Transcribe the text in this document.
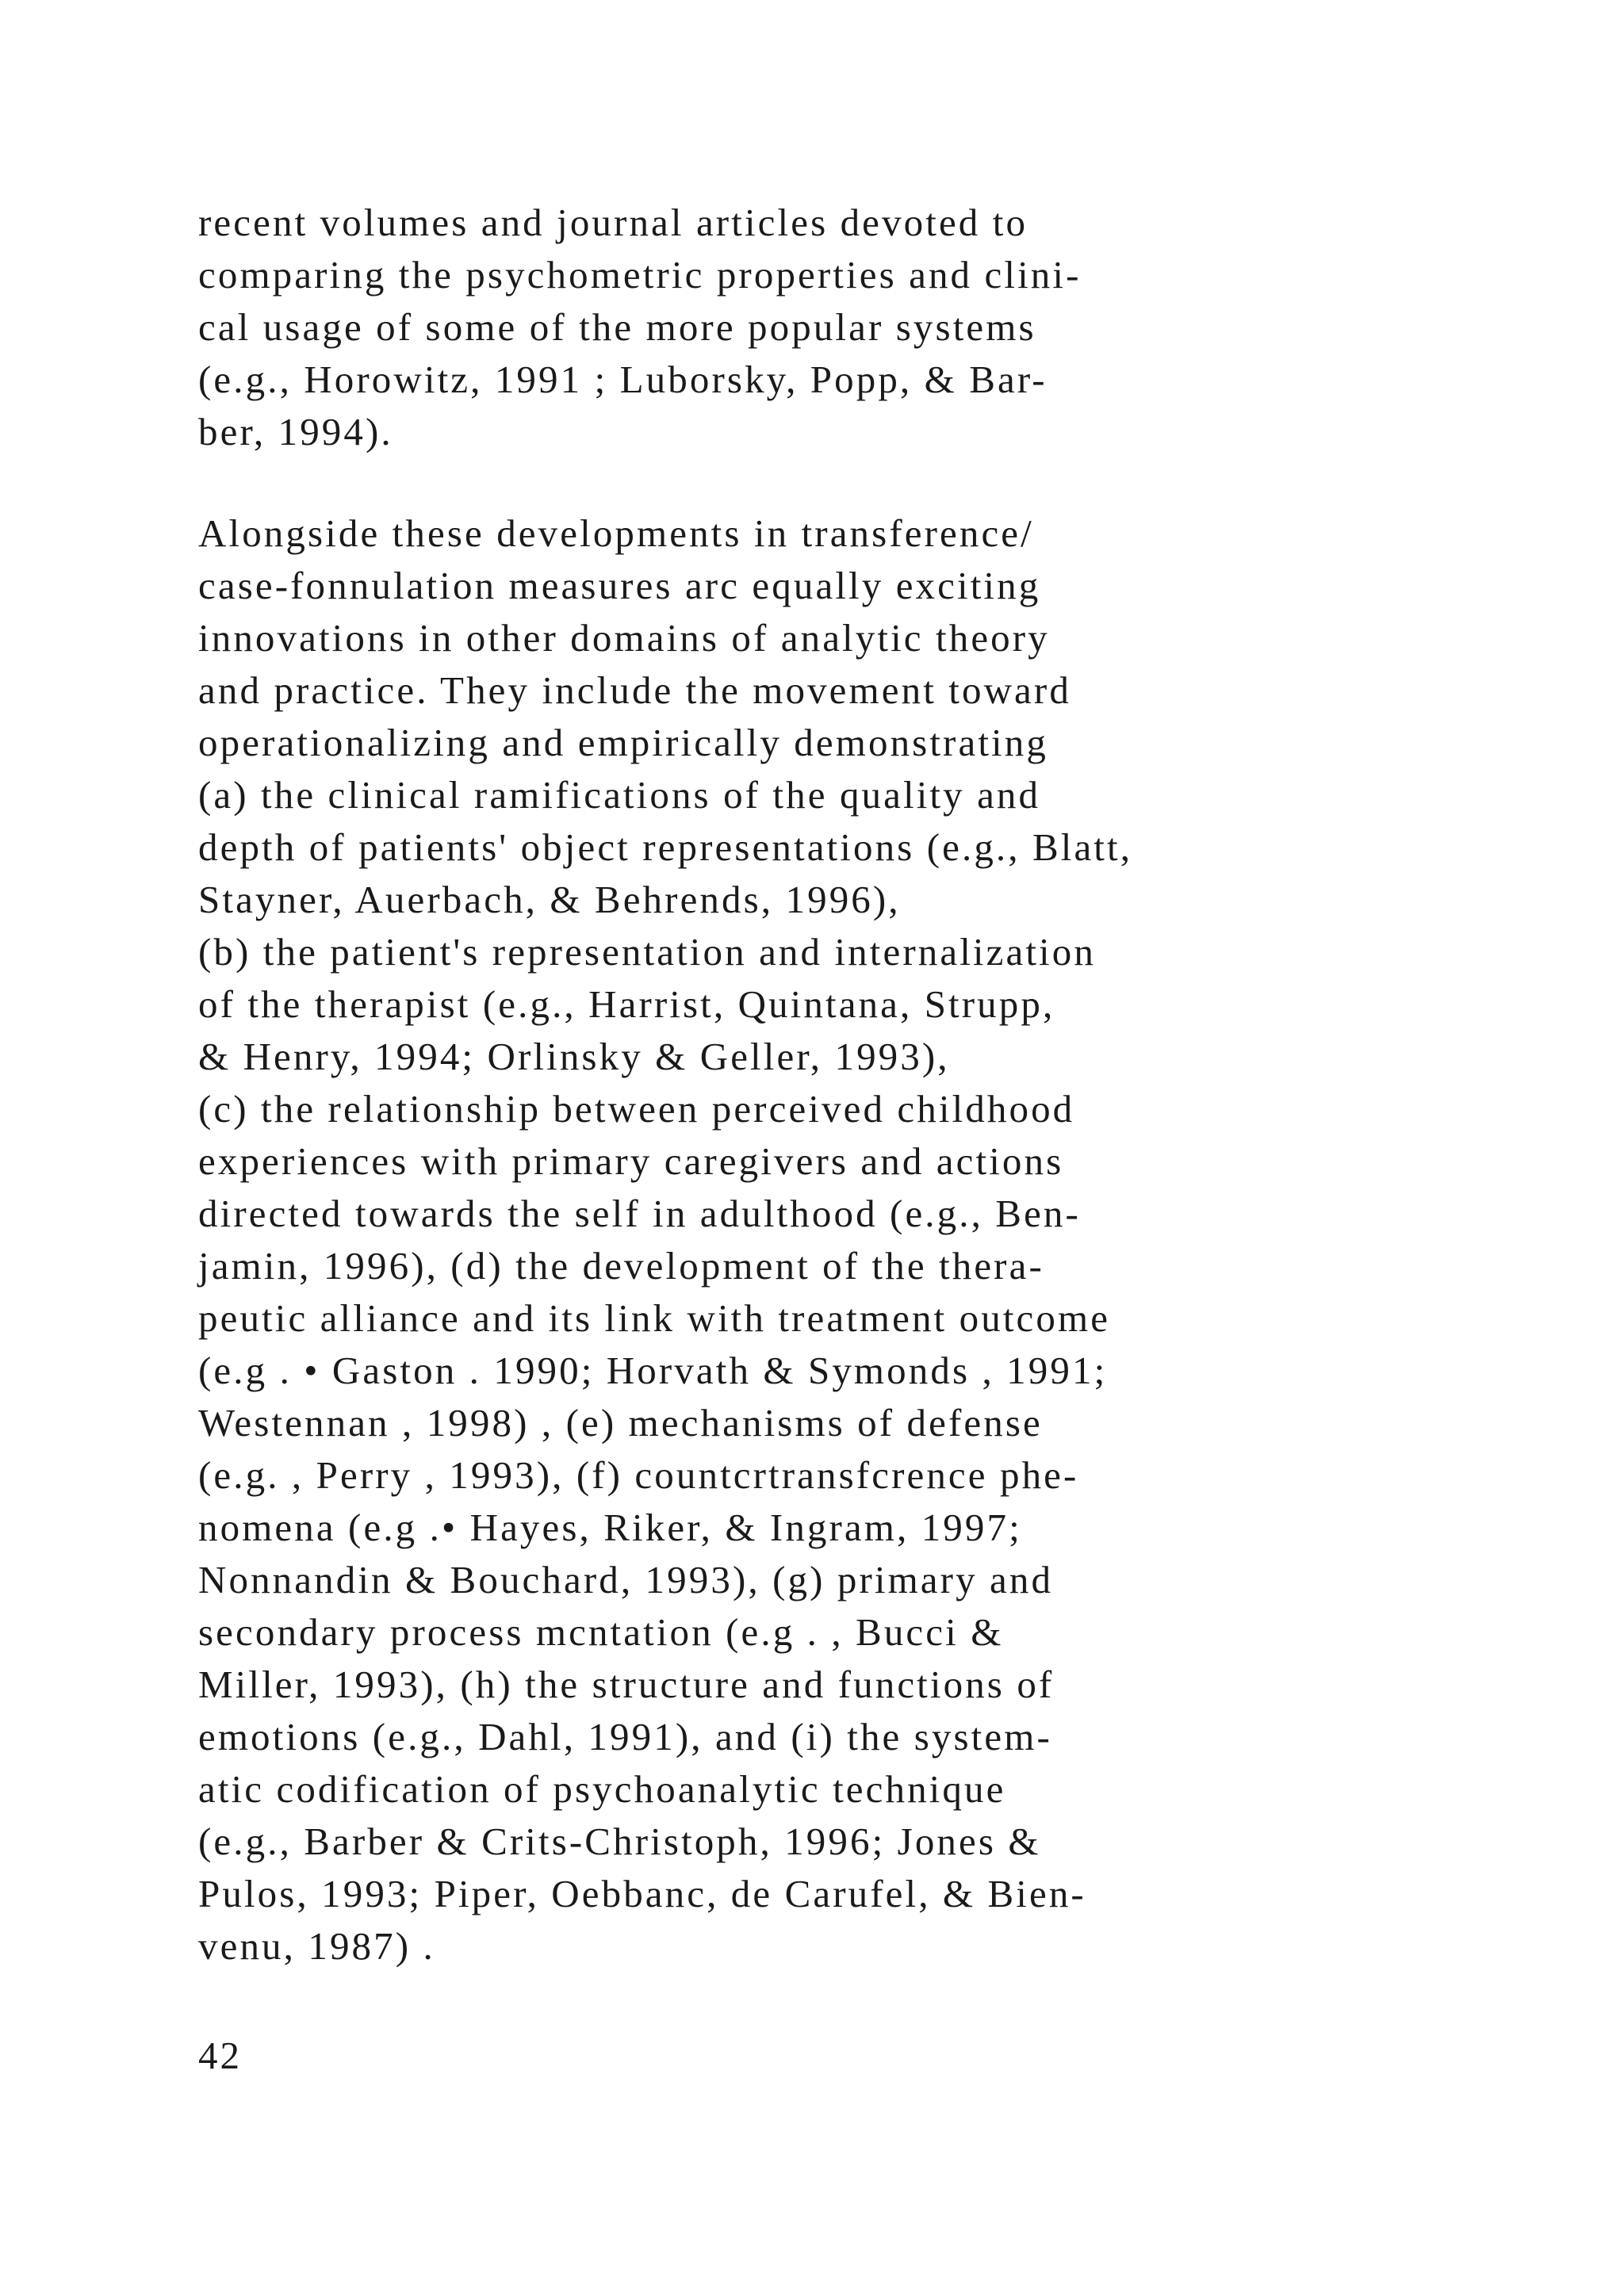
recent volumes and journal articles devoted to
comparing the psychometric properties and clini-
cal usage of some of the more popular systems
(e.g., Horowitz, 1991 ; Luborsky, Popp, & Bar-
ber, 1994).
Alongside these developments in transference/
case-fonnulation measures arc equally exciting
innovations in other domains of analytic theory
and practice. They include the movement toward
operationalizing and empirically demonstrating
(a) the clinical ramifications of the quality and
depth of patients' object representations (e.g., Blatt,
Stayner, Auerbach, & Behrends, 1996),
(b) the patient's representation and internalization
of the therapist (e.g., Harrist, Quintana, Strupp,
& Henry, 1994; Orlinsky & Geller, 1993),
(c) the relationship between perceived childhood
experiences with primary caregivers and actions
directed towards the self in adulthood (e.g., Ben-
jamin, 1996), (d) the development of the thera-
peutic alliance and its link with treatment outcome
(e.g . • Gaston . 1990; Horvath & Symonds , 1991;
Westennan , 1998) , (e) mechanisms of defense
(e.g. , Perry , 1993), (f) countcrtransfcrence phe-
nomena (e.g .• Hayes, Riker, & Ingram, 1997;
Nonnandin & Bouchard, 1993), (g) primary and
secondary process mcntation (e.g . , Bucci &
Miller, 1993), (h) the structure and functions of
emotions (e.g., Dahl, 1991), and (i) the system-
atic codification of psychoanalytic technique
(e.g., Barber & Crits-Christoph, 1996; Jones &
Pulos, 1993; Piper, Oebbanc, de Carufel, & Bien-
venu, 1987) .
42
